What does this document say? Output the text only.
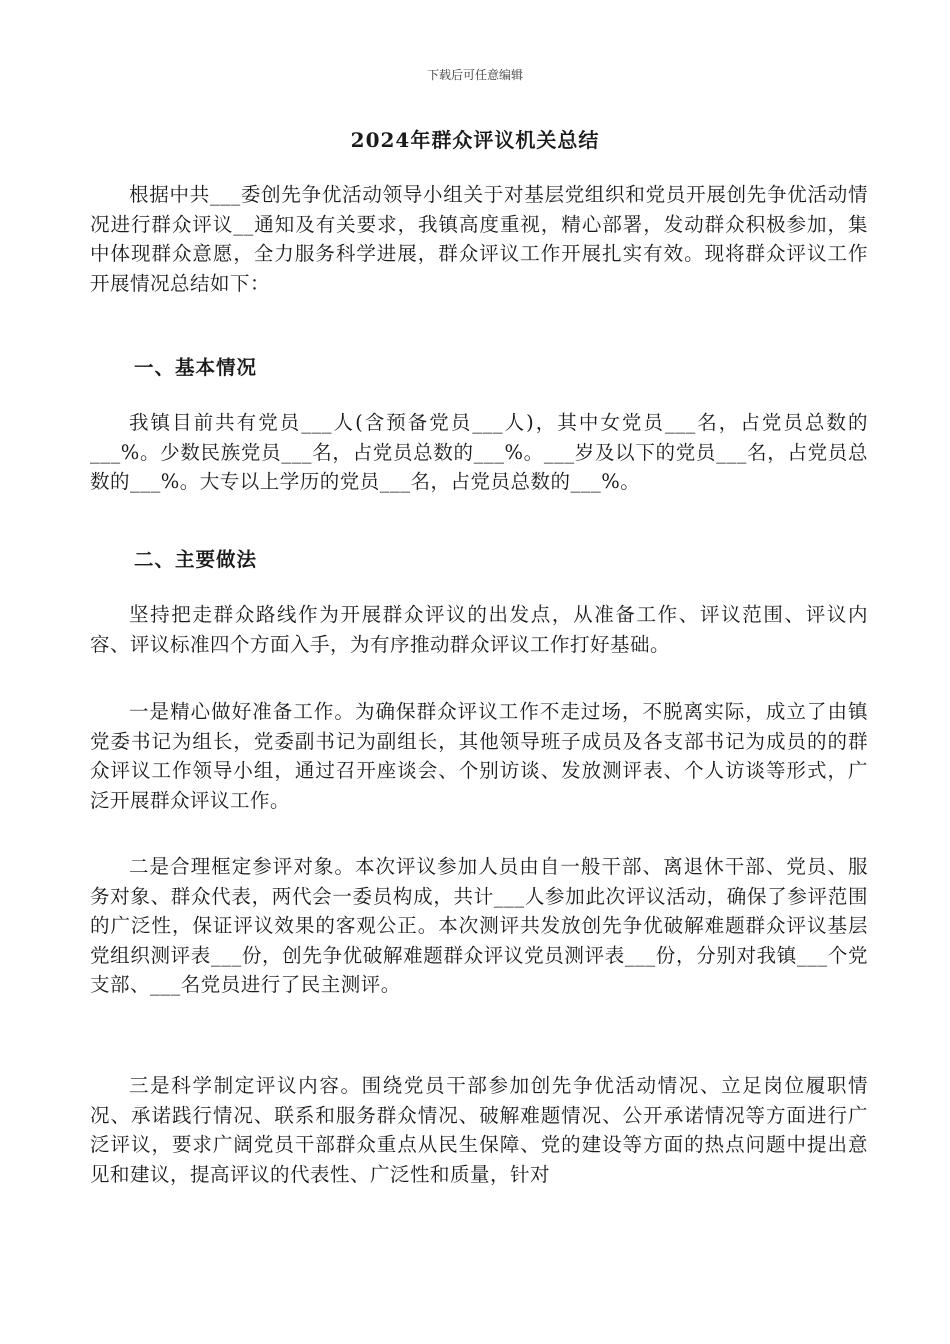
下载后可任意编辑
2024年群众评议机关总结

根据中共___委创先争优活动领导小组关于对基层党组织和党员开展创先争优活动情况进行群众评议__通知及有关要求，我镇高度重视，精心部署，发动群众积极参加，集中体现群众意愿，全力服务科学进展，群众评议工作开展扎实有效。现将群众评议工作开展情况总结如下：

一、基本情况

我镇目前共有党员___人(含预备党员___人)，其中女党员___名，占党员总数的___%。少数民族党员___名，占党员总数的___%。___岁及以下的党员___名，占党员总数的___%。大专以上学历的党员___名，占党员总数的___%。

二、主要做法

坚持把走群众路线作为开展群众评议的出发点，从准备工作、评议范围、评议内容、评议标准四个方面入手，为有序推动群众评议工作打好基础。

一是精心做好准备工作。为确保群众评议工作不走过场，不脱离实际，成立了由镇党委书记为组长，党委副书记为副组长，其他领导班子成员及各支部书记为成员的的群众评议工作领导小组，通过召开座谈会、个别访谈、发放测评表、个人访谈等形式，广泛开展群众评议工作。

二是合理框定参评对象。本次评议参加人员由自一般干部、离退休干部、党员、服务对象、群众代表，两代会一委员构成，共计___人参加此次评议活动，确保了参评范围的广泛性，保证评议效果的客观公正。本次测评共发放创先争优破解难题群众评议基层党组织测评表___份，创先争优破解难题群众评议党员测评表___份，分别对我镇___个党支部、___名党员进行了民主测评。

三是科学制定评议内容。围绕党员干部参加创先争优活动情况、立足岗位履职情况、承诺践行情况、联系和服务群众情况、破解难题情况、公开承诺情况等方面进行广泛评议，要求广阔党员干部群众重点从民生保障、党的建设等方面的热点问题中提出意见和建议，提高评议的代表性、广泛性和质量，针对
